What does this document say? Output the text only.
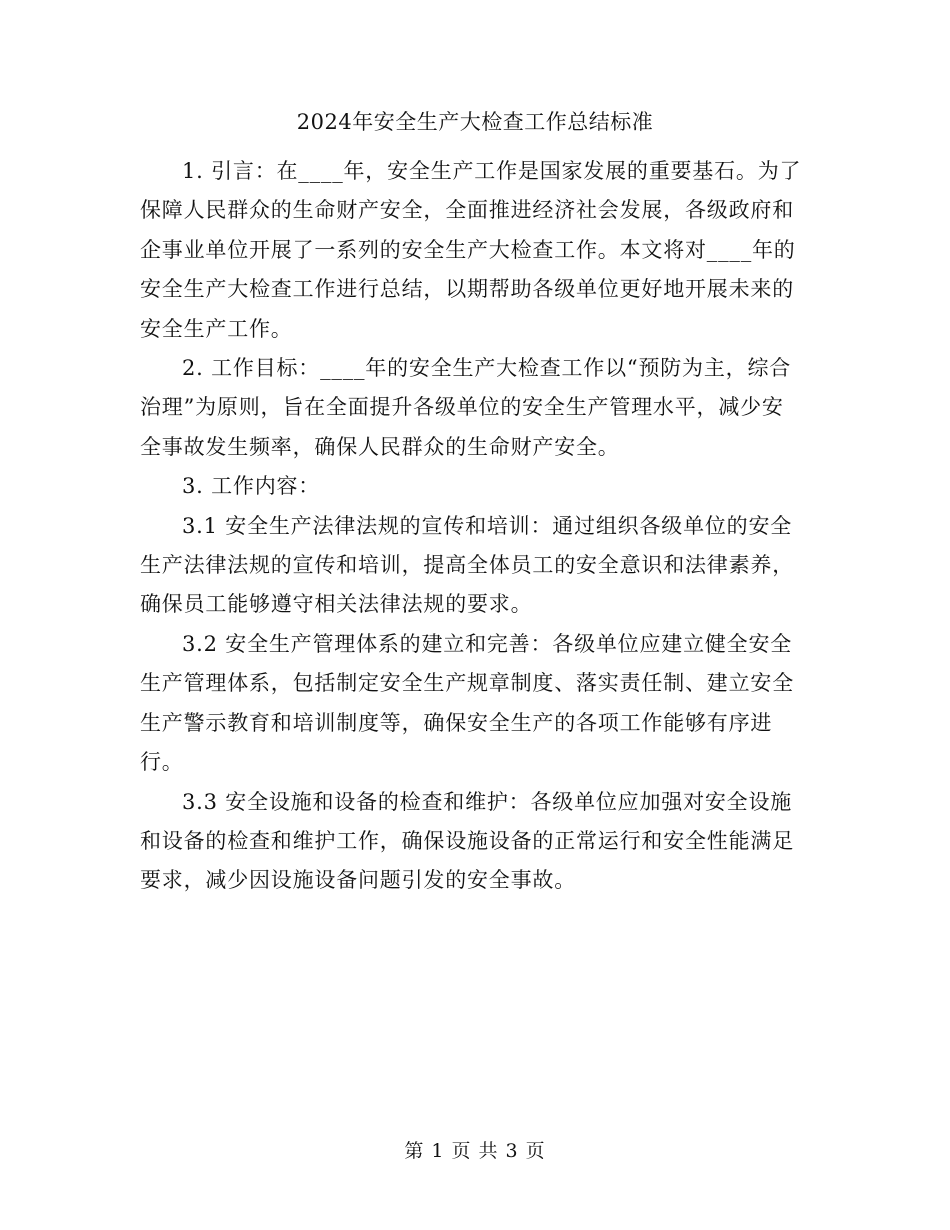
2024年安全生产大检查工作总结标准

1. 引言：在____年，安全生产工作是国家发展的重要基石。为了保障人民群众的生命财产安全，全面推进经济社会发展，各级政府和企事业单位开展了一系列的安全生产大检查工作。本文将对____年的安全生产大检查工作进行总结，以期帮助各级单位更好地开展未来的安全生产工作。

2. 工作目标：____年的安全生产大检查工作以“预防为主，综合治理”为原则，旨在全面提升各级单位的安全生产管理水平，减少安全事故发生频率，确保人民群众的生命财产安全。

3. 工作内容：

3.1 安全生产法律法规的宣传和培训：通过组织各级单位的安全生产法律法规的宣传和培训，提高全体员工的安全意识和法律素养，确保员工能够遵守相关法律法规的要求。

3.2 安全生产管理体系的建立和完善：各级单位应建立健全安全生产管理体系，包括制定安全生产规章制度、落实责任制、建立安全生产警示教育和培训制度等，确保安全生产的各项工作能够有序进行。

3.3 安全设施和设备的检查和维护：各级单位应加强对安全设施和设备的检查和维护工作，确保设施设备的正常运行和安全性能满足要求，减少因设施设备问题引发的安全事故。

第 1 页 共 3 页
